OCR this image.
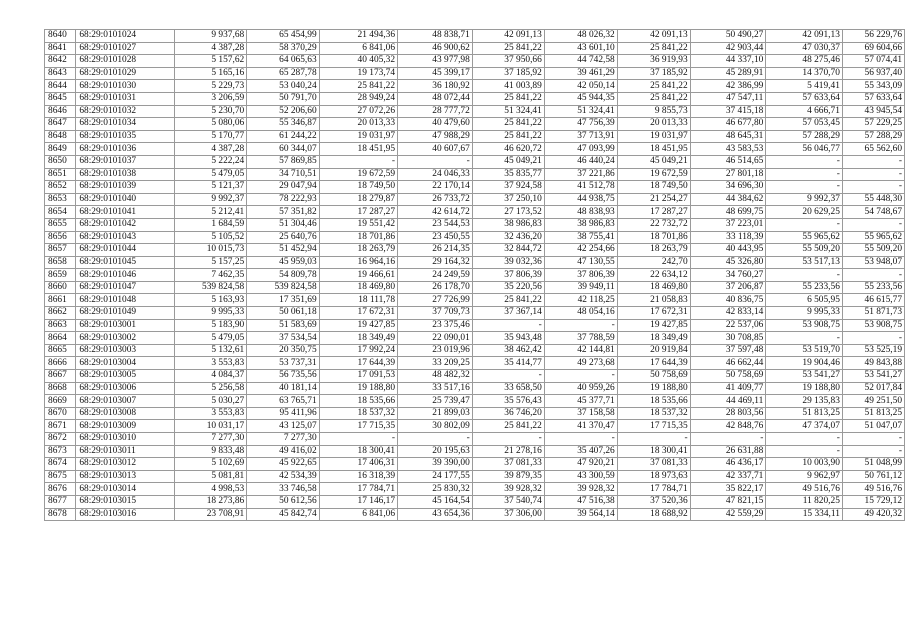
8640	68:29:0101024	9 937,68	65 454,99	21 494,36	48 838,71	42 091,13	48 026,32	42 091,13	50 490,27	42 091,13	56 229,76
8641	68:29:0101027	4 387,28	58 370,29	6 841,06	46 900,62	25 841,22	43 601,10	25 841,22	42 903,44	47 030,37	69 604,66
8642	68:29:0101028	5 157,62	64 065,63	40 405,32	43 977,98	37 950,66	44 742,58	36 919,93	44 337,10	48 275,46	57 074,41
8643	68:29:0101029	5 165,16	65 287,78	19 173,74	45 399,17	37 185,92	39 461,29	37 185,92	45 289,91	14 370,70	56 937,40
8644	68:29:0101030	5 229,73	53 040,24	25 841,22	36 180,92	41 003,89	42 050,14	25 841,22	42 386,99	5 419,41	55 343,09
8645	68:29:0101031	3 206,59	50 791,70	28 949,24	48 072,44	25 841,22	45 944,35	25 841,22	47 547,11	57 633,64	57 633,64
8646	68:29:0101032	5 230,70	52 206,60	27 072,26	28 777,72	51 324,41	51 324,41	9 855,73	37 415,18	4 666,71	43 945,54
8647	68:29:0101034	5 080,06	55 346,87	20 013,33	40 479,60	25 841,22	47 756,39	20 013,33	46 677,80	57 053,45	57 229,25
8648	68:29:0101035	5 170,77	61 244,22	19 031,97	47 988,29	25 841,22	37 713,91	19 031,97	48 645,31	57 288,29	57 288,29
8649	68:29:0101036	4 387,28	60 344,07	18 451,95	40 607,67	46 620,72	47 093,99	18 451,95	43 583,53	56 046,77	65 562,60
8650	68:29:0101037	5 222,24	57 869,85	-	-	45 049,21	46 440,24	45 049,21	46 514,65	-	-
8651	68:29:0101038	5 479,05	34 710,51	19 672,59	24 046,33	35 835,77	37 221,86	19 672,59	27 801,18	-	-
8652	68:29:0101039	5 121,37	29 047,94	18 749,50	22 170,14	37 924,58	41 512,78	18 749,50	34 696,30	-	-
8653	68:29:0101040	9 992,37	78 222,93	18 279,87	26 733,72	37 250,10	44 938,75	21 254,27	44 384,62	9 992,37	55 448,30
8654	68:29:0101041	5 212,41	57 351,82	17 287,27	42 614,72	27 173,52	48 838,93	17 287,27	48 699,75	20 629,25	54 748,67
8655	68:29:0101042	1 684,59	51 304,46	19 551,42	23 544,53	38 986,83	38 986,83	22 732,72	37 223,01	-	-
8656	68:29:0101043	5 105,52	25 640,76	18 701,86	23 450,55	32 436,20	38 755,41	18 701,86	33 118,39	55 965,62	55 965,62
8657	68:29:0101044	10 015,73	51 452,94	18 263,79	26 214,35	32 844,72	42 254,66	18 263,79	40 443,95	55 509,20	55 509,20
8658	68:29:0101045	5 157,25	45 959,03	16 964,16	29 164,32	39 032,36	47 130,55	242,70	45 326,80	53 517,13	53 948,07
8659	68:29:0101046	7 462,35	54 809,78	19 466,61	24 249,59	37 806,39	37 806,39	22 634,12	34 760,27	-	-
8660	68:29:0101047	539 824,58	539 824,58	18 469,80	26 178,70	35 220,56	39 949,11	18 469,80	37 206,87	55 233,56	55 233,56
8661	68:29:0101048	5 163,93	17 351,69	18 111,78	27 726,99	25 841,22	42 118,25	21 058,83	40 836,75	6 505,95	46 615,77
8662	68:29:0101049	9 995,33	50 061,18	17 672,31	37 709,73	37 367,14	48 054,16	17 672,31	42 833,14	9 995,33	51 871,73
8663	68:29:0103001	5 183,90	51 583,69	19 427,85	23 375,46	-	-	19 427,85	22 537,06	53 908,75	53 908,75
8664	68:29:0103002	5 479,05	37 534,54	18 349,49	22 090,01	35 943,48	37 788,59	18 349,49	30 708,85	-	-
8665	68:29:0103003	5 132,61	20 350,75	17 992,24	23 019,96	38 462,42	42 144,81	20 919,84	37 597,48	53 519,70	53 525,19
8666	68:29:0103004	3 553,83	53 737,31	17 644,39	33 209,25	35 414,77	49 273,68	17 644,39	46 662,44	19 904,46	49 843,88
8667	68:29:0103005	4 084,37	56 735,56	17 091,53	48 482,32	-	-	50 758,69	50 758,69	53 541,27	53 541,27
8668	68:29:0103006	5 256,58	40 181,14	19 188,80	33 517,16	33 658,50	40 959,26	19 188,80	41 409,77	19 188,80	52 017,84
8669	68:29:0103007	5 030,27	63 765,71	18 535,66	25 739,47	35 576,43	45 377,71	18 535,66	44 469,11	29 135,83	49 251,50
8670	68:29:0103008	3 553,83	95 411,96	18 537,32	21 899,03	36 746,20	37 158,58	18 537,32	28 803,56	51 813,25	51 813,25
8671	68:29:0103009	10 031,17	43 125,07	17 715,35	30 802,09	25 841,22	41 370,47	17 715,35	42 848,76	47 374,07	51 047,07
8672	68:29:0103010	7 277,30	7 277,30	-	-	-	-	-	-	-	-
8673	68:29:0103011	9 833,48	49 416,02	18 300,41	20 195,63	21 278,16	35 407,26	18 300,41	26 631,88	-	-
8674	68:29:0103012	5 102,69	45 922,65	17 406,31	39 390,00	37 081,33	47 920,21	37 081,33	46 436,17	10 003,90	51 048,99
8675	68:29:0103013	5 081,81	42 534,39	16 318,39	24 177,55	39 879,35	43 300,59	18 973,63	42 337,71	9 962,97	50 761,12
8676	68:29:0103014	4 998,53	33 746,58	17 784,71	25 830,32	39 928,32	39 928,32	17 784,71	35 822,17	49 516,76	49 516,76
8677	68:29:0103015	18 273,86	50 612,56	17 146,17	45 164,54	37 540,74	47 516,38	37 520,36	47 821,15	11 820,25	15 729,12
8678	68:29:0103016	23 708,91	45 842,74	6 841,06	43 654,36	37 306,00	39 564,14	18 688,92	42 559,29	15 334,11	49 420,32
